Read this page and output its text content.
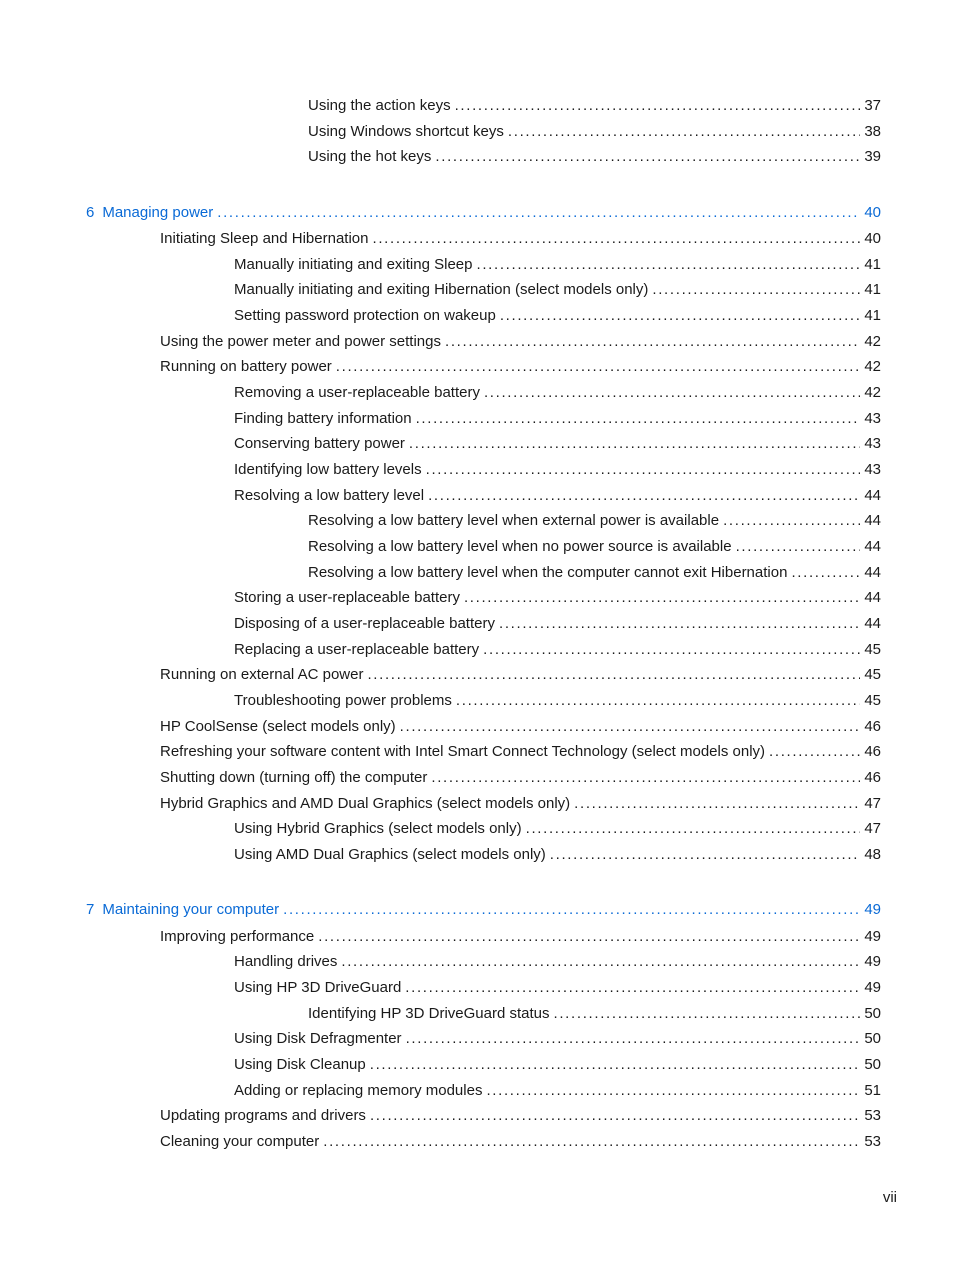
Using the action keys . . .	37
Using Windows shortcut keys . . .	38
Using the hot keys . . .	39
6 Managing power . . .	40
Initiating Sleep and Hibernation . . .	40
Manually initiating and exiting Sleep . . .	41
Manually initiating and exiting Hibernation (select models only) . . .	41
Setting password protection on wakeup . . .	41
Using the power meter and power settings . . .	42
Running on battery power . . .	42
Removing a user-replaceable battery . . .	42
Finding battery information . . .	43
Conserving battery power . . .	43
Identifying low battery levels . . .	43
Resolving a low battery level . . .	44
Resolving a low battery level when external power is available . . .	44
Resolving a low battery level when no power source is available . . .	44
Resolving a low battery level when the computer cannot exit Hibernation . . .	44
Storing a user-replaceable battery . . .	44
Disposing of a user-replaceable battery . . .	44
Replacing a user-replaceable battery . . .	45
Running on external AC power . . .	45
Troubleshooting power problems . . .	45
HP CoolSense (select models only) . . .	46
Refreshing your software content with Intel Smart Connect Technology (select models only) . . .	46
Shutting down (turning off) the computer . . .	46
Hybrid Graphics and AMD Dual Graphics (select models only) . . .	47
Using Hybrid Graphics (select models only) . . .	47
Using AMD Dual Graphics (select models only) . . .	48
7 Maintaining your computer . . .	49
Improving performance . . .	49
Handling drives . . .	49
Using HP 3D DriveGuard . . .	49
Identifying HP 3D DriveGuard status . . .	50
Using Disk Defragmenter . . .	50
Using Disk Cleanup . . .	50
Adding or replacing memory modules . . .	51
Updating programs and drivers . . .	53
Cleaning your computer . . .	53
vii
